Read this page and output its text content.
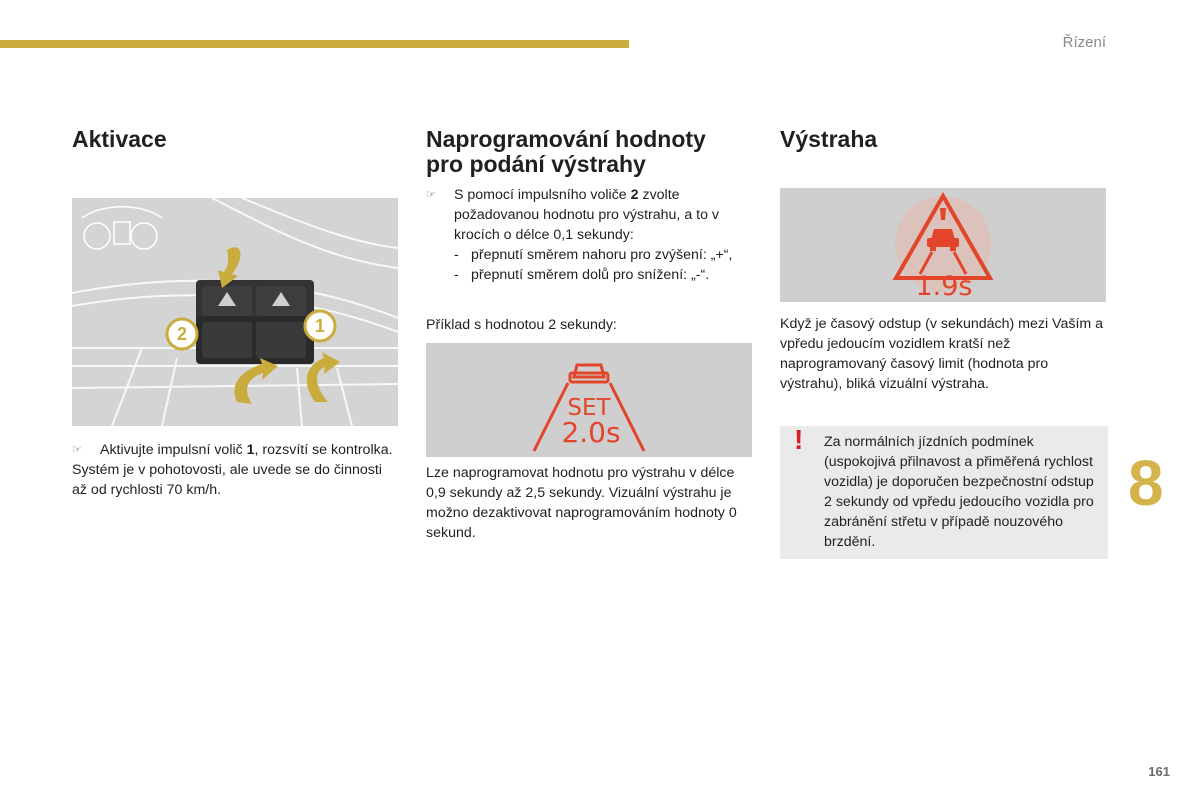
Řízení
8
161
Aktivace
1
2

☞ Aktivujte impulsní volič 1, rozsvítí se kontrolka.

Systém je v pohotovosti, ale uvede se do činnosti až od rychlosti 70 km/h.

Naprogramování hodnoty
pro podání výstrahy

☞ S pomocí impulsního voliče 2 zvolte požadovanou hodnotu pro výstrahu, a to v krocích o délce 0,1 sekundy:

- přepnutí směrem nahoru pro zvýšení: „+“,
- přepnutí směrem dolů pro snížení: „-“.

Příklad s hodnotou 2 sekundy:

SET
2.0s

Lze naprogramovat hodnotu pro výstrahu v délce 0,9 sekundy až 2,5 sekundy. Vizuální výstrahu je možno dezaktivovat naprogramováním hodnoty 0 sekund.

Výstraha
1.9s

Když je časový odstup (v sekundách) mezi Vaším a vpředu jedoucím vozidlem kratší než naprogramovaný časový limit (hodnota pro výstrahu), bliká vizuální výstraha.

! Za normálních jízdních podmínek (uspokojivá přilnavost a přiměřená rychlost vozidla) je doporučen bezpečnostní odstup 2 sekundy od vpředu jedoucího vozidla pro zabránění střetu v případě nouzového brzdění.
